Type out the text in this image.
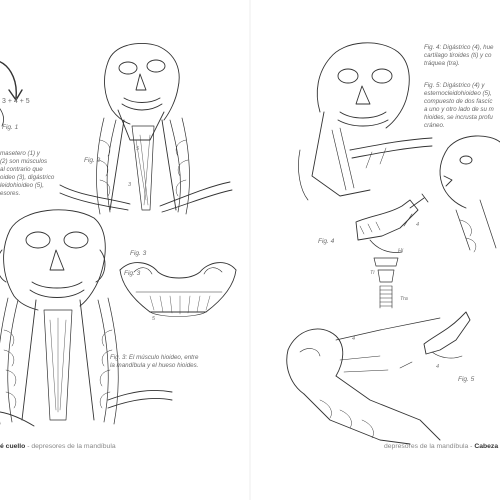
3 + 4 + 5
Fig. 1
Fig. 2
5
3
masetero (1) y
(2) son músculos
al contrario que
oideo (3), digástrico
leidohioideo (5),
esores.
Fig. 3
Fig. 3
5
Fig. 3: El músculo hioideo, entre
la mandíbula y el hueso hioides.
é cuello - depresores de la mandíbula
Fig. 4: Digástrico (4), hue
cartílago tiroides (ti) y co
tráquea (tra).
Fig. 5: Digástrico (4) y
esternocleidohioideo (5),
compuesto de dos fascíc
a uno y otro lado de su m
hioides, se incrusta profu
cráneo.
Fig. 4
4
Hi
Ti
Tra
Fig. 5
4
4
depresores de la mandíbula - Cabeza
